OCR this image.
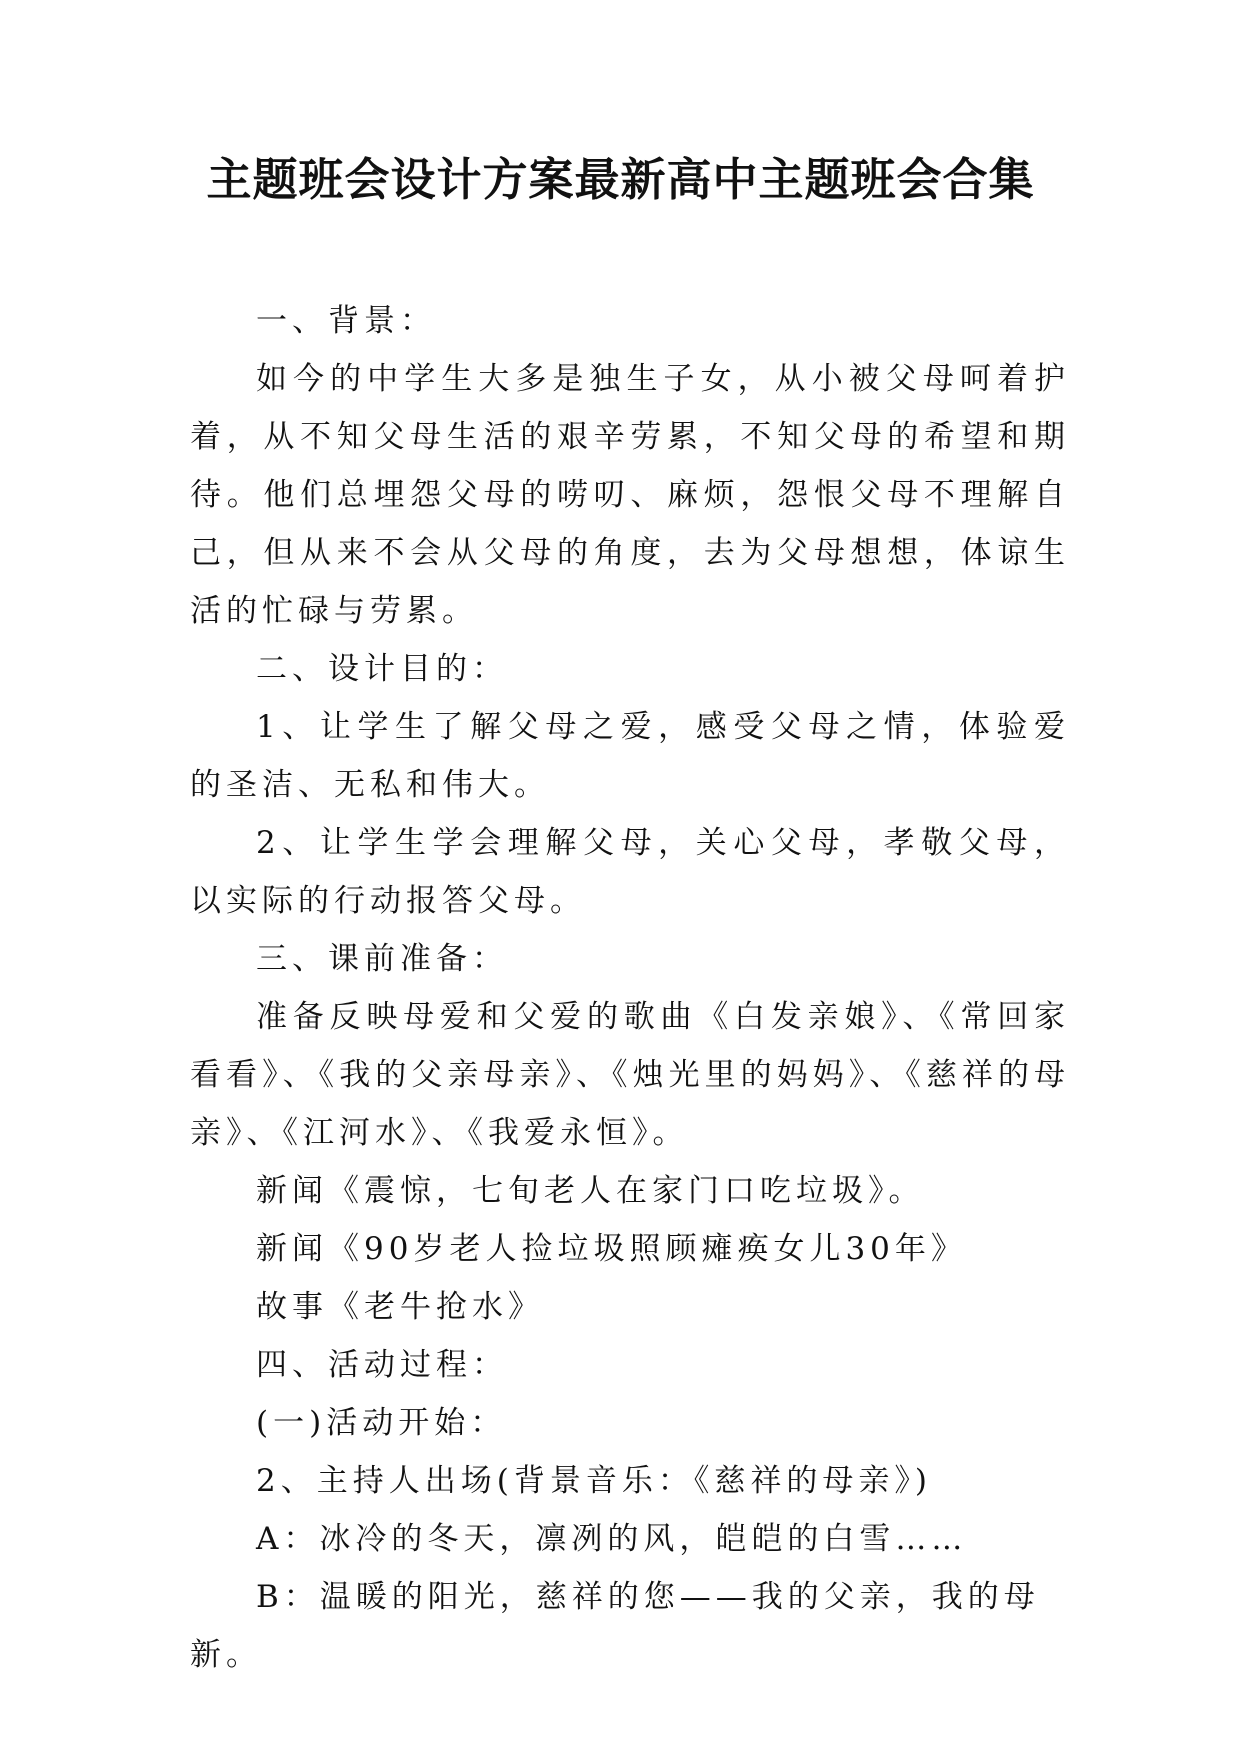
主题班会设计方案最新高中主题班会合集

一、背景：

如今的中学生大多是独生子女，从小被父母呵着护着，从不知父母生活的艰辛劳累，不知父母的希望和期待。他们总埋怨父母的唠叨、麻烦，怨恨父母不理解自己，但从来不会从父母的角度，去为父母想想，体谅生活的忙碌与劳累。

二、设计目的：

1、让学生了解父母之爱，感受父母之情，体验爱的圣洁、无私和伟大。

2、让学生学会理解父母，关心父母，孝敬父母，以实际的行动报答父母。

三、课前准备：

准备反映母爱和父爱的歌曲《白发亲娘》、《常回家看看》、《我的父亲母亲》、《烛光里的妈妈》、《慈祥的母亲》、《江河水》、《我爱永恒》。

新闻《震惊，七旬老人在家门口吃垃圾》。

新闻《90岁老人捡垃圾照顾瘫痪女儿30年》

故事《老牛抢水》

四、活动过程：

(一)活动开始：

2、主持人出场(背景音乐：《慈祥的母亲》)

A：冰冷的冬天，凛冽的风，皑皑的白雪……

B：温暖的阳光，慈祥的您——我的父亲，我的母新。
